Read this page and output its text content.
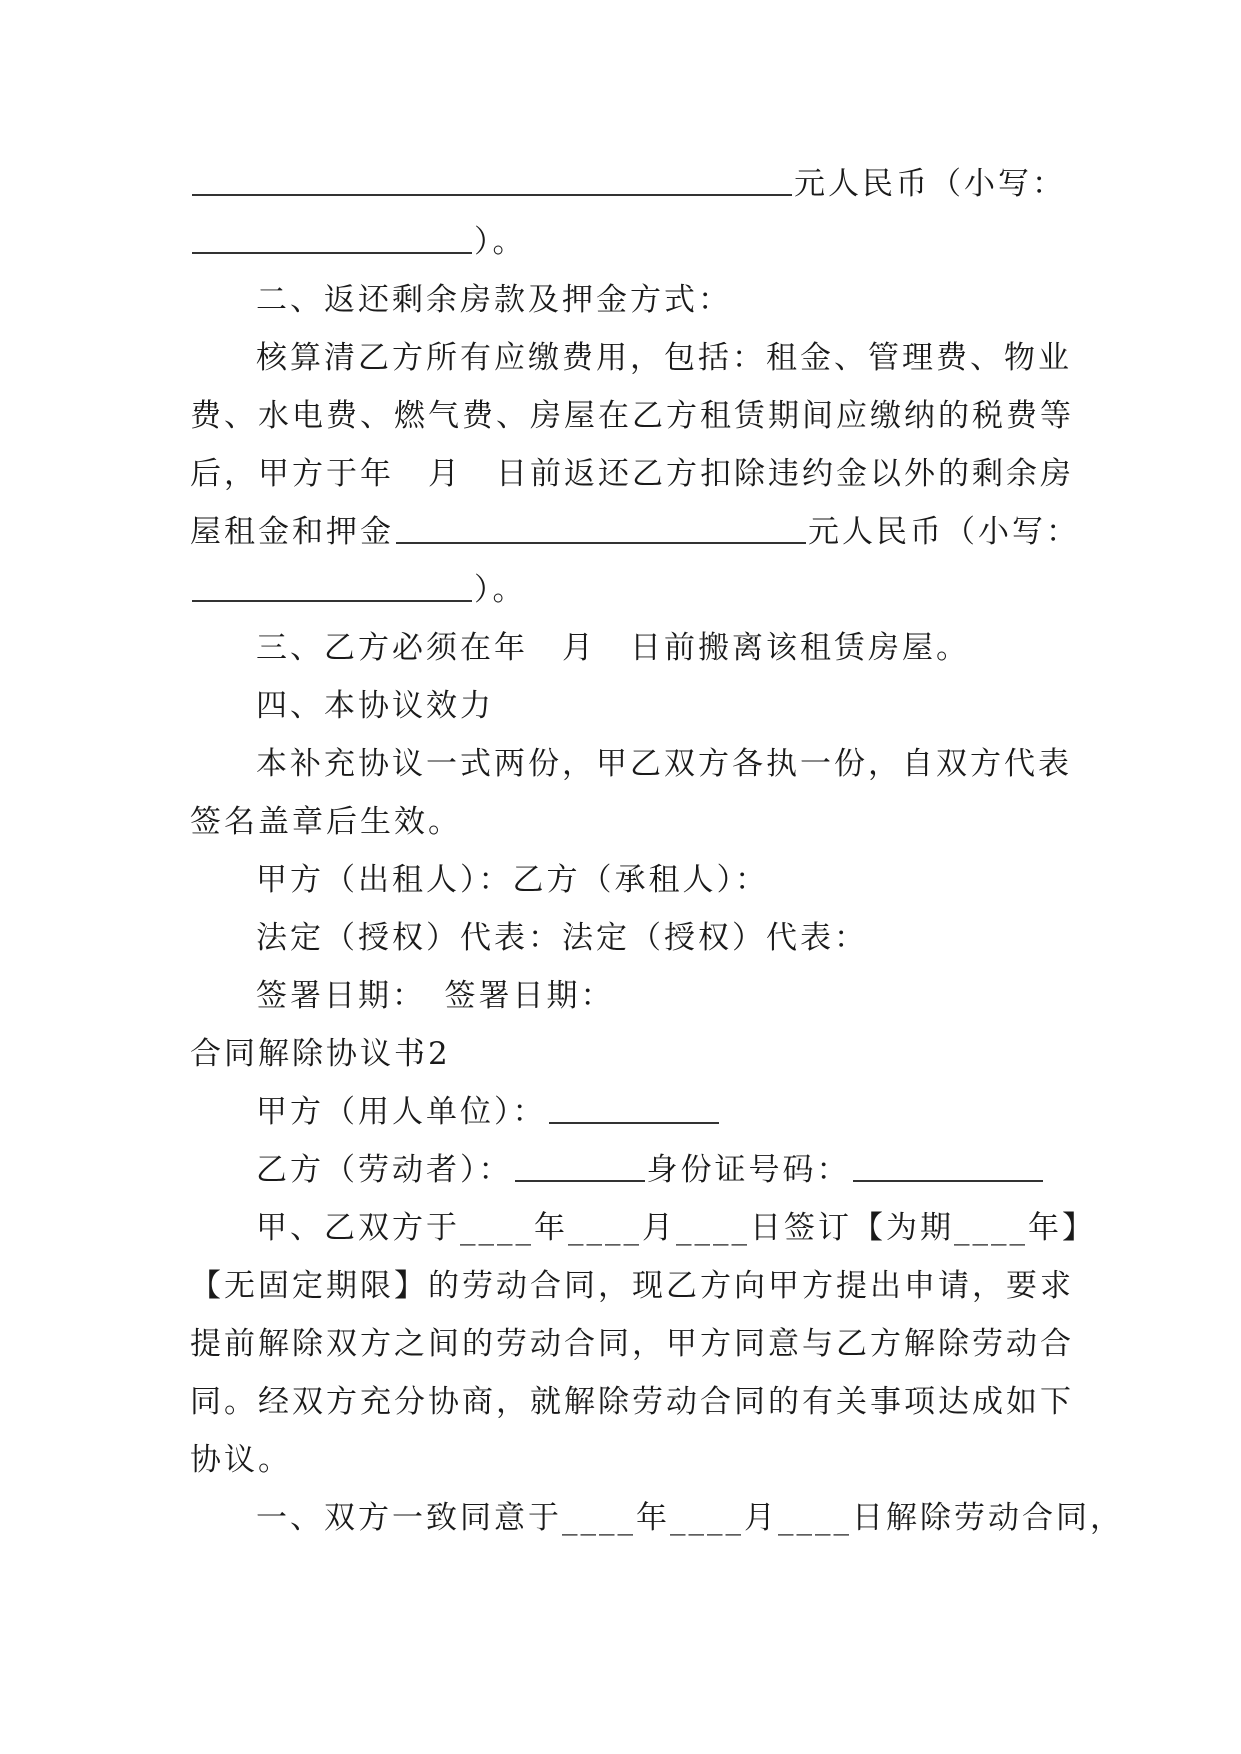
元人民币（小写：
）。
二、返还剩余房款及押金方式：
核算清乙方所有应缴费用，包括：租金、管理费、物业
费、水电费、燃气费、房屋在乙方租赁期间应缴纳的税费等
后，甲方于年　月　日前返还乙方扣除违约金以外的剩余房
屋租金和押金	元人民币（小写：
）。
三、乙方必须在年　月　日前搬离该租赁房屋。
四、本协议效力
本补充协议一式两份，甲乙双方各执一份，自双方代表
签名盖章后生效。
甲方（出租人）：乙方（承租人）：
法定（授权）代表：法定（授权）代表：
签署日期：　签署日期：
合同解除协议书2
甲方（用人单位）：
乙方（劳动者）：	身份证号码：
甲、乙双方于____年____月____日签订【为期____年】
【无固定期限】的劳动合同，现乙方向甲方提出申请，要求
提前解除双方之间的劳动合同，甲方同意与乙方解除劳动合
同。经双方充分协商，就解除劳动合同的有关事项达成如下
协议。
一、双方一致同意于____年____月____日解除劳动合同，
